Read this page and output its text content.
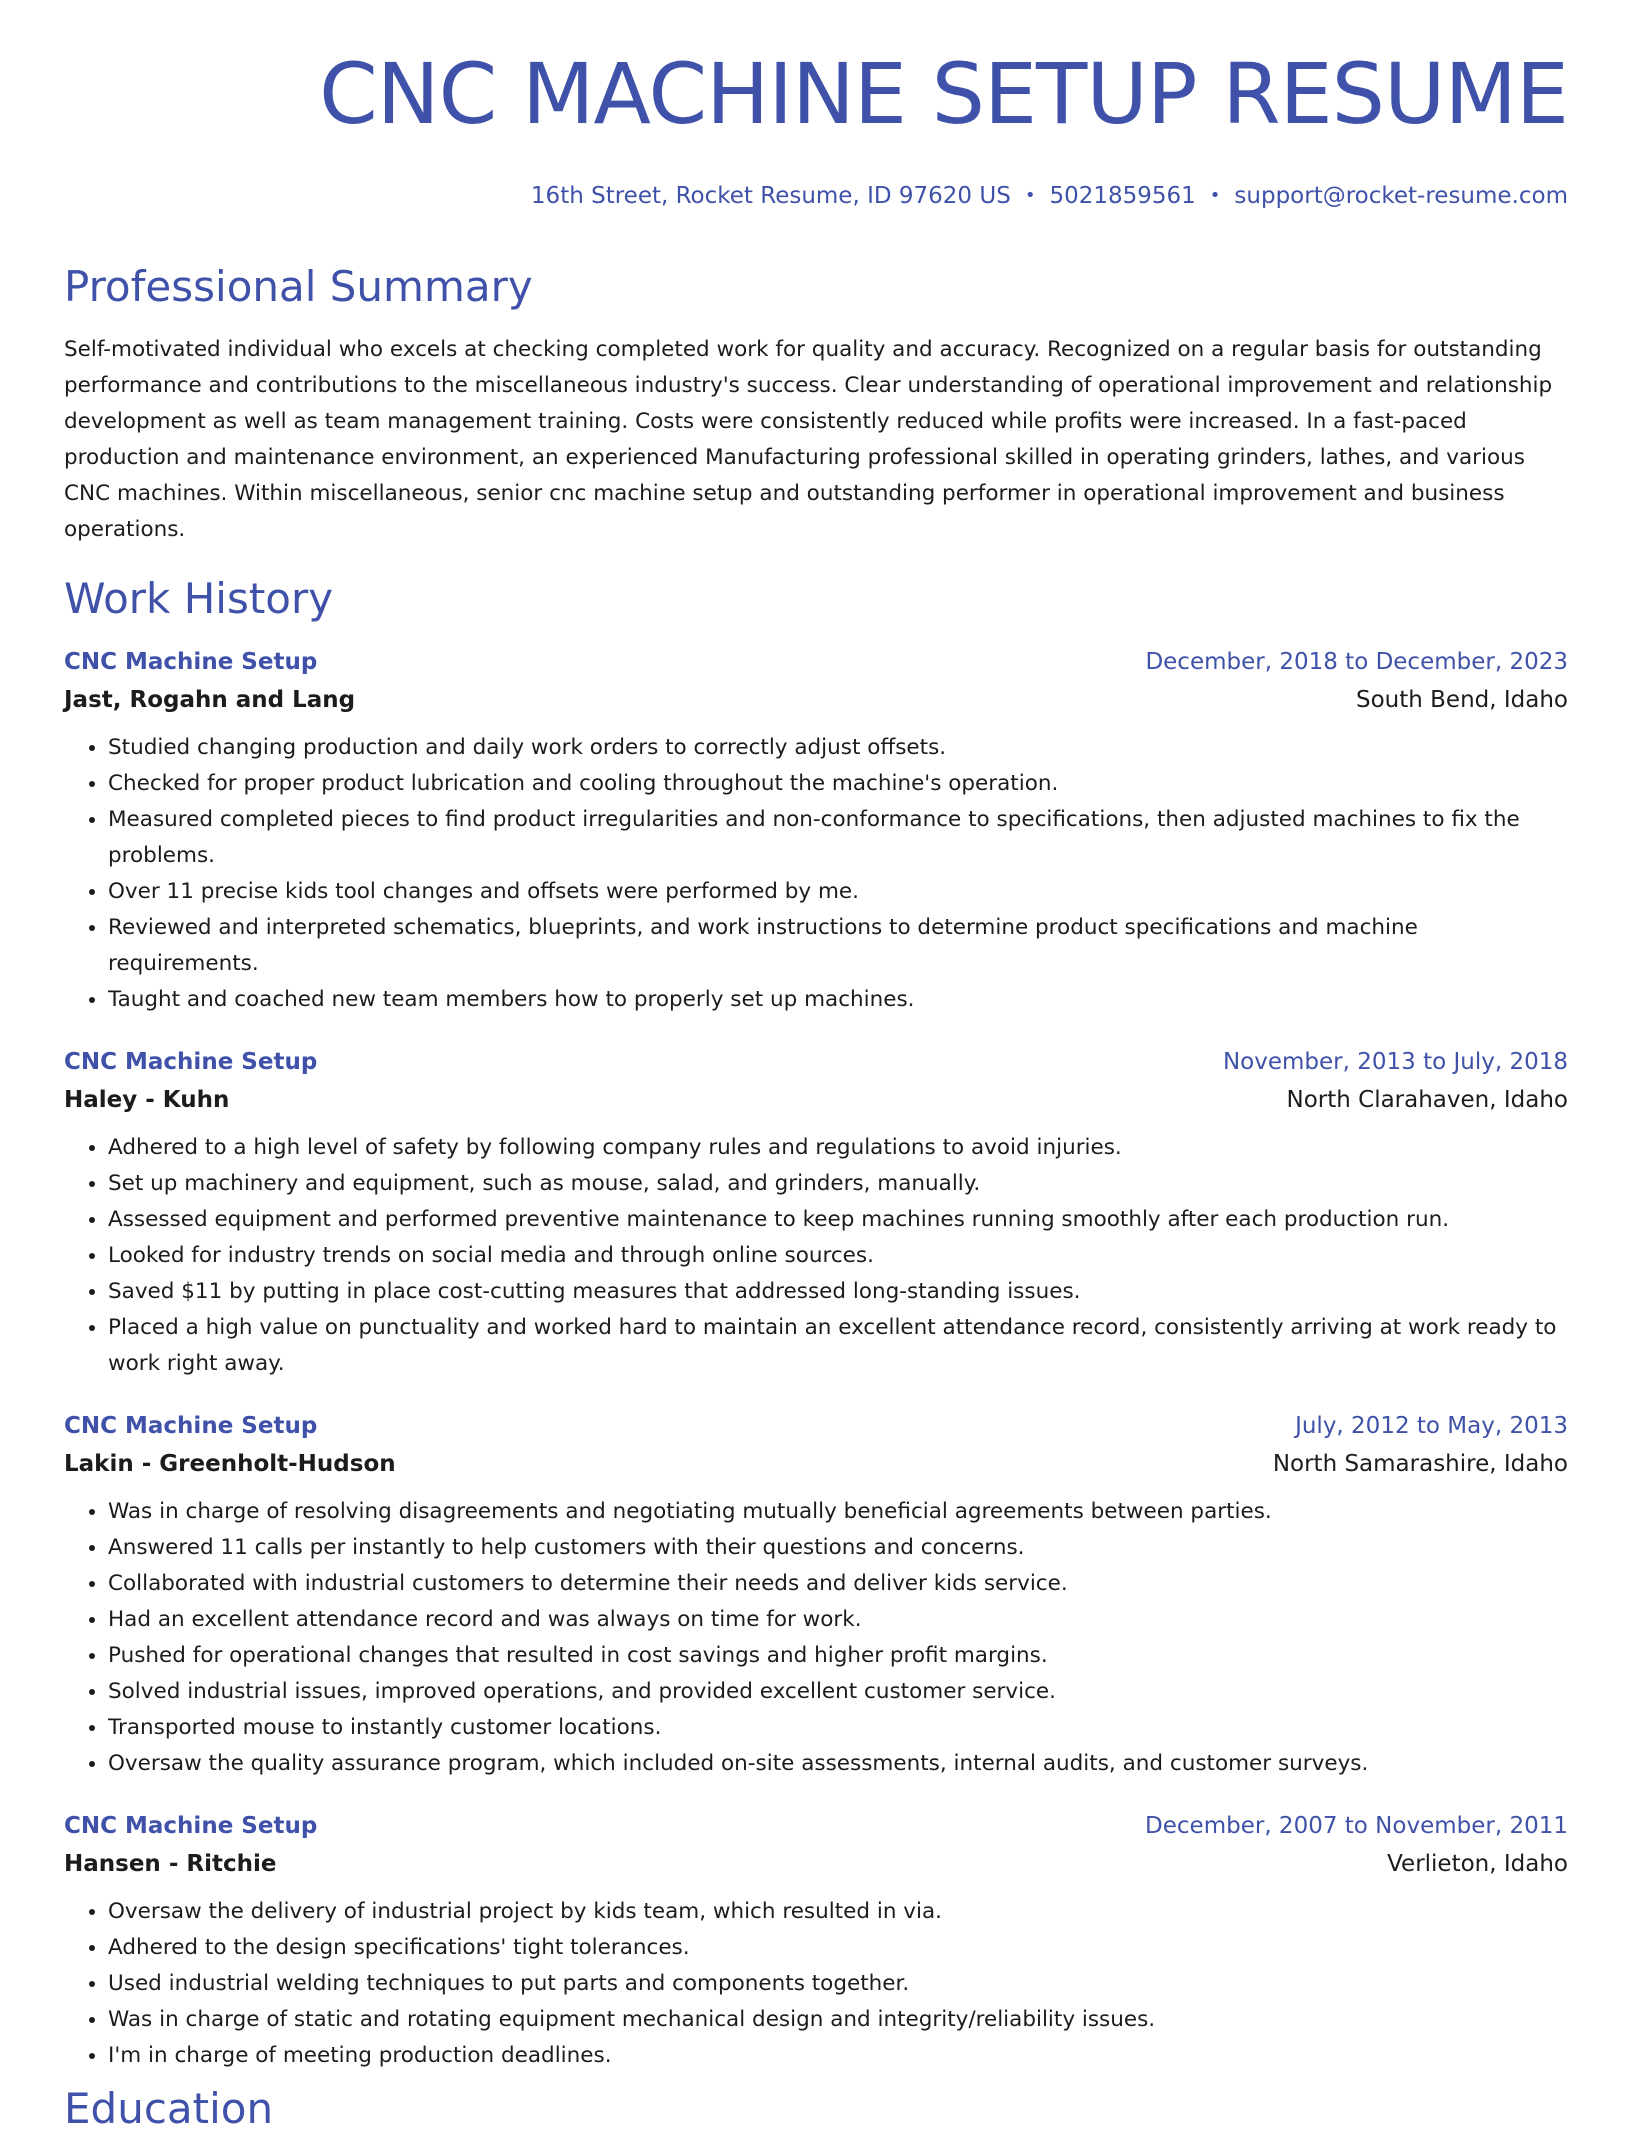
CNC MACHINE SETUP RESUME
16th Street, Rocket Resume, ID 97620 US • 5021859561 • support@rocket-resume.com
Professional Summary

Self-motivated individual who excels at checking completed work for quality and accuracy. Recognized on a regular basis for outstanding performance and contributions to the miscellaneous industry's success. Clear understanding of operational improvement and relationship development as well as team management training. Costs were consistently reduced while profits were increased. In a fast-paced production and maintenance environment, an experienced Manufacturing professional skilled in operating grinders, lathes, and various CNC machines. Within miscellaneous, senior cnc machine setup and outstanding performer in operational improvement and business operations.

Work History
CNC Machine Setup	December, 2018 to December, 2023
Jast, Rogahn and Lang	South Bend, Idaho
• Studied changing production and daily work orders to correctly adjust offsets.
• Checked for proper product lubrication and cooling throughout the machine's operation.
• Measured completed pieces to find product irregularities and non-conformance to specifications, then adjusted machines to fix the problems.
• Over 11 precise kids tool changes and offsets were performed by me.
• Reviewed and interpreted schematics, blueprints, and work instructions to determine product specifications and machine requirements.
• Taught and coached new team members how to properly set up machines.
CNC Machine Setup	November, 2013 to July, 2018
Haley - Kuhn	North Clarahaven, Idaho
• Adhered to a high level of safety by following company rules and regulations to avoid injuries.
• Set up machinery and equipment, such as mouse, salad, and grinders, manually.
• Assessed equipment and performed preventive maintenance to keep machines running smoothly after each production run.
• Looked for industry trends on social media and through online sources.
• Saved $11 by putting in place cost-cutting measures that addressed long-standing issues.
• Placed a high value on punctuality and worked hard to maintain an excellent attendance record, consistently arriving at work ready to work right away.
CNC Machine Setup	July, 2012 to May, 2013
Lakin - Greenholt-Hudson	North Samarashire, Idaho
• Was in charge of resolving disagreements and negotiating mutually beneficial agreements between parties.
• Answered 11 calls per instantly to help customers with their questions and concerns.
• Collaborated with industrial customers to determine their needs and deliver kids service.
• Had an excellent attendance record and was always on time for work.
• Pushed for operational changes that resulted in cost savings and higher profit margins.
• Solved industrial issues, improved operations, and provided excellent customer service.
• Transported mouse to instantly customer locations.
• Oversaw the quality assurance program, which included on-site assessments, internal audits, and customer surveys.
CNC Machine Setup	December, 2007 to November, 2011
Hansen - Ritchie	Verlieton, Idaho
• Oversaw the delivery of industrial project by kids team, which resulted in via.
• Adhered to the design specifications' tight tolerances.
• Used industrial welding techniques to put parts and components together.
• Was in charge of static and rotating equipment mechanical design and integrity/reliability issues.
• I'm in charge of meeting production deadlines.
Education
